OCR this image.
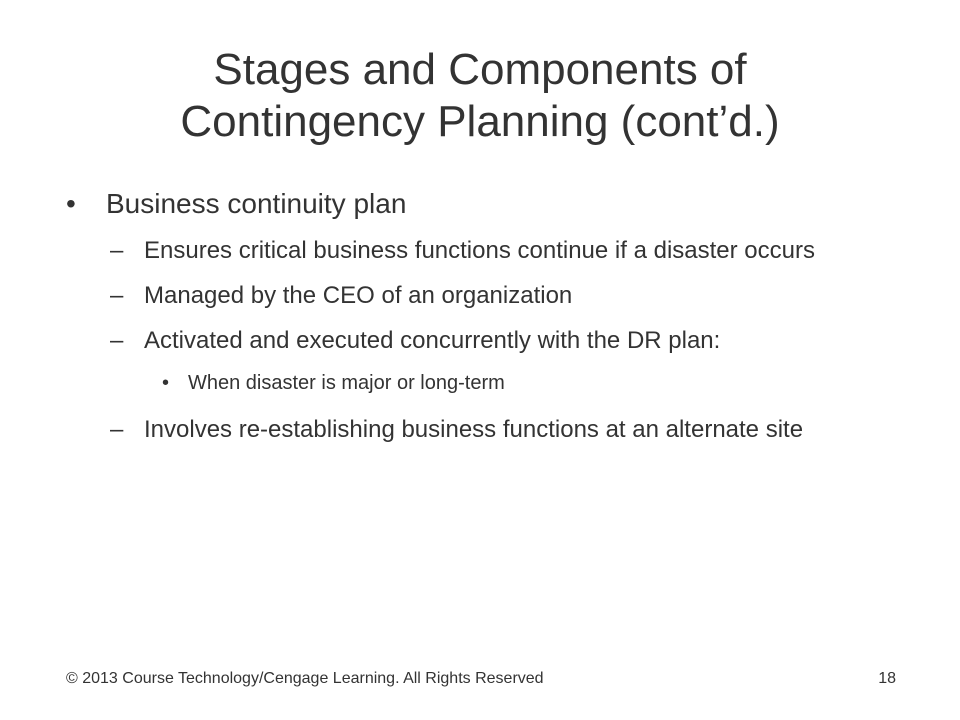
Stages and Components of
Contingency Planning (cont’d.)
• Business continuity plan
– Ensures critical business functions continue if a disaster occurs
– Managed by the CEO of an organization
– Activated and executed concurrently with the DR plan:
• When disaster is major or long-term
– Involves re-establishing business functions at an alternate site
© 2013 Course Technology/Cengage Learning. All Rights Reserved	18
